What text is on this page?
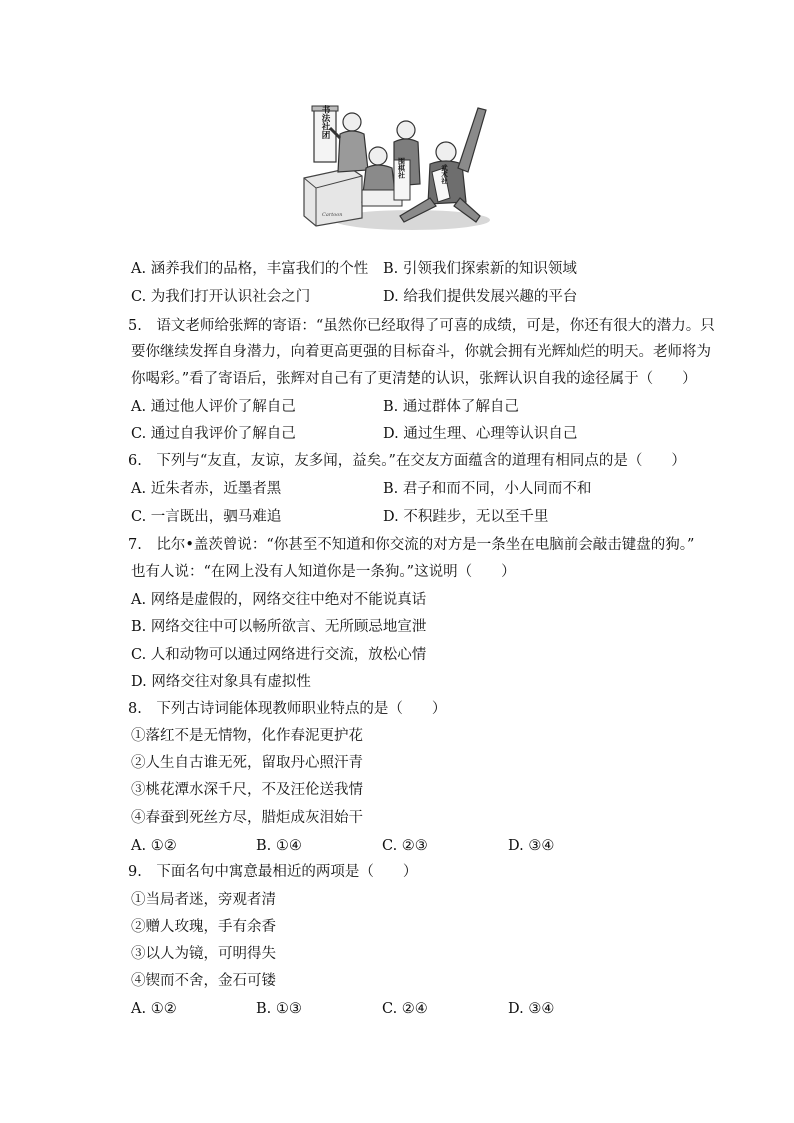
书法社团
围棋社	武术社
Cartoon
A. 涵养我们的品格，丰富我们的个性 B. 引领我们探索新的知识领域
C. 为我们打开认识社会之门	D. 给我们提供发展兴趣的平台
5.　语文老师给张辉的寄语：“虽然你已经取得了可喜的成绩，可是，你还有很大的潜力。只
要你继续发挥自身潜力，向着更高更强的目标奋斗，你就会拥有光辉灿烂的明天。老师将为
你喝彩。”看了寄语后，张辉对自己有了更清楚的认识，张辉认识自我的途径属于（　　）
A. 通过他人评价了解自己	B. 通过群体了解自己
C. 通过自我评价了解自己	D. 通过生理、心理等认识自己
6.　下列与“友直，友谅，友多闻，益矣。”在交友方面蕴含的道理有相同点的是（　　）
A. 近朱者赤，近墨者黑	B. 君子和而不同，小人同而不和
C. 一言既出，驷马难追	D. 不积跬步，无以至千里
7.　比尔•盖茨曾说：“你甚至不知道和你交流的对方是一条坐在电脑前会敲击键盘的狗。”
也有人说：“在网上没有人知道你是一条狗。”这说明（　　）
A. 网络是虚假的，网络交往中绝对不能说真话
B. 网络交往中可以畅所欲言、无所顾忌地宣泄
C. 人和动物可以通过网络进行交流，放松心情
D. 网络交往对象具有虚拟性
8.　下列古诗词能体现教师职业特点的是（　　）
①落红不是无情物，化作春泥更护花
②人生自古谁无死，留取丹心照汗青
③桃花潭水深千尺，不及汪伦送我情
④春蚕到死丝方尽，腊炬成灰泪始干
A. ①②	B. ①④	C. ②③	D. ③④
9.　下面名句中寓意最相近的两项是（　　）
①当局者迷，旁观者清
②赠人玫瑰，手有余香
③以人为镜，可明得失
④锲而不舍，金石可镂
A. ①②	B. ①③	C. ②④	D. ③④
